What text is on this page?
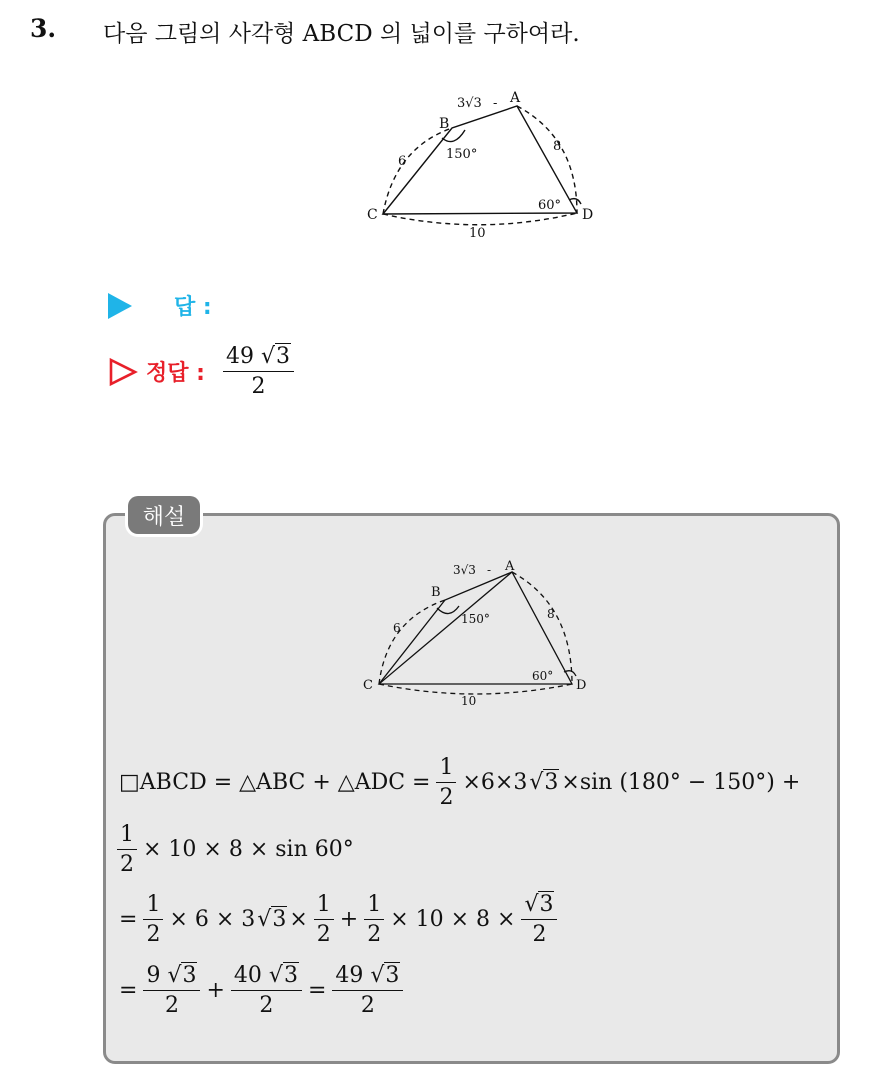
3. 다음 그림의 사각형 ABCD 의 넓이를 구하여라.
A
B
C	D
3√3 -
6
8
10
150°
60°
답 :
정답 : $\frac{49 √3}{2}$
해설
A
B
C	D
3√3 -
6
8
10
150°
60°
□ABCD = △ABC + △ADC = $\frac{1}{2} \times 6\times 3$ √3 ×sin (180° − 150°) +
$\frac{1}{2} \times 10 \times 8 \times \sin 60^\circ$
= $\frac{1}{2} \times 6 \times 3$ $√3 \times \frac{1}{2} + \frac{1}{2} \times 10 \times 8 \times \frac{√3}{2}$
= $\frac{9 √3}{2} + \frac{40 √3}{2} = \frac{49 √3}{2}$
